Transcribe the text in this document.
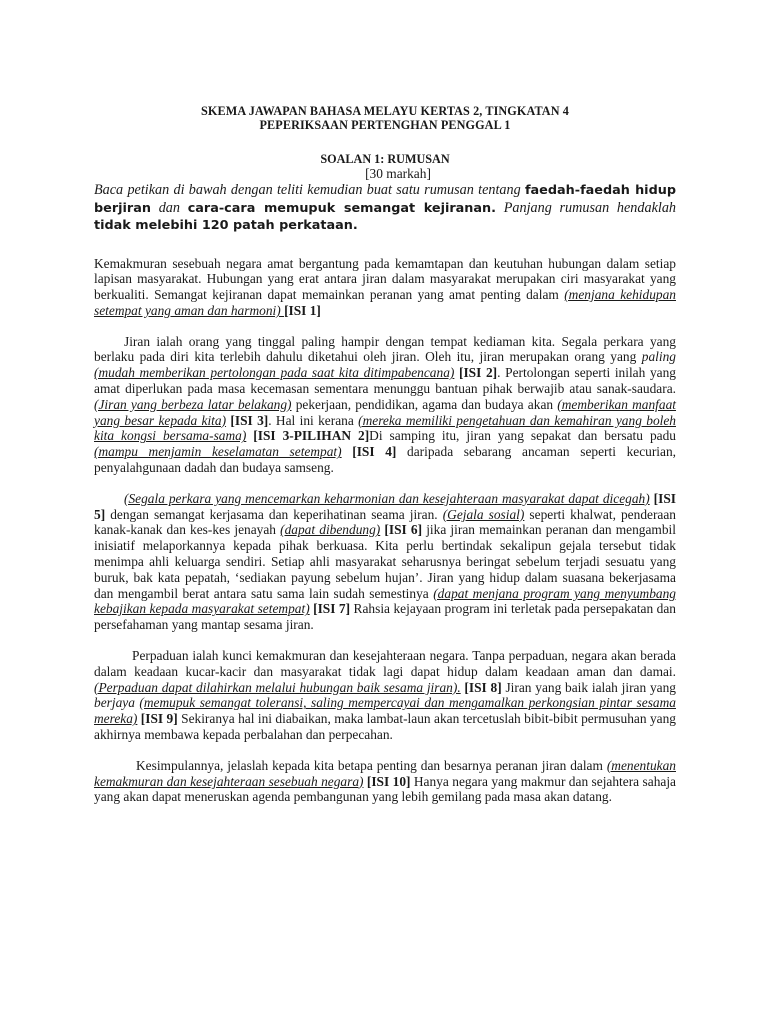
SKEMA JAWAPAN BAHASA MELAYU KERTAS 2, TINGKATAN 4
PEPERIKSAAN PERTENGHAN PENGGAL 1
SOALAN 1: RUMUSAN
[30 markah]

Baca petikan di bawah dengan teliti kemudian buat satu rumusan tentang faedah-faedah hidup berjiran dan cara-cara memupuk semangat kejiranan. Panjang rumusan hendaklah tidak melebihi 120 patah perkataan.

Kemakmuran sesebuah negara amat bergantung pada kemamtapan dan keutuhan hubungan dalam setiap lapisan masyarakat. Hubungan yang erat antara jiran dalam masyarakat merupakan ciri masyarakat yang berkualiti. Semangat kejiranan dapat memainkan peranan yang amat penting dalam (menjana kehidupan setempat yang aman dan harmoni) [ISI 1]

Jiran ialah orang yang tinggal paling hampir dengan tempat kediaman kita. Segala perkara yang berlaku pada diri kita terlebih dahulu diketahui oleh jiran. Oleh itu, jiran merupakan orang yang paling (mudah memberikan pertolongan pada saat kita ditimpabencana) [ISI 2]. Pertolongan seperti inilah yang amat diperlukan pada masa kecemasan sementara menunggu bantuan pihak berwajib atau sanak-saudara. (Jiran yang berbeza latar belakang) pekerjaan, pendidikan, agama dan budaya akan (memberikan manfaat yang besar kepada kita) [ISI 3]. Hal ini kerana (mereka memiliki pengetahuan dan kemahiran yang boleh kita kongsi bersama-sama) [ISI 3-PILIHAN 2]Di samping itu, jiran yang sepakat dan bersatu padu (mampu menjamin keselamatan setempat) [ISI 4] daripada sebarang ancaman seperti kecurian, penyalahgunaan dadah dan budaya samseng.

(Segala perkara yang mencemarkan keharmonian dan kesejahteraan masyarakat dapat dicegah) [ISI 5] dengan semangat kerjasama dan keperihatinan seama jiran. (Gejala sosial) seperti khalwat, penderaan kanak-kanak dan kes-kes jenayah (dapat dibendung) [ISI 6] jika jiran memainkan peranan dan mengambil inisiatif melaporkannya kepada pihak berkuasa. Kita perlu bertindak sekalipun gejala tersebut tidak menimpa ahli keluarga sendiri. Setiap ahli masyarakat seharusnya beringat sebelum terjadi sesuatu yang buruk, bak kata pepatah, ‘sediakan payung sebelum hujan’. Jiran yang hidup dalam suasana bekerjasama dan mengambil berat antara satu sama lain sudah semestinya (dapat menjana program yang menyumbang kebajikan kepada masyarakat setempat) [ISI 7] Rahsia kejayaan program ini terletak pada persepakatan dan persefahaman yang mantap sesama jiran.

Perpaduan ialah kunci kemakmuran dan kesejahteraan negara. Tanpa perpaduan, negara akan berada dalam keadaan kucar-kacir dan masyarakat tidak lagi dapat hidup dalam keadaan aman dan damai. (Perpaduan dapat dilahirkan melalui hubungan baik sesama jiran). [ISI 8] Jiran yang baik ialah jiran yang berjaya (memupuk semangat toleransi, saling mempercayai dan mengamalkan perkongsian pintar sesama mereka) [ISI 9] Sekiranya hal ini diabaikan, maka lambat-laun akan tercetuslah bibit-bibit permusuhan yang akhirnya membawa kepada perbalahan dan perpecahan.

Kesimpulannya, jelaslah kepada kita betapa penting dan besarnya peranan jiran dalam (menentukan kemakmuran dan kesejahteraan sesebuah negara) [ISI 10] Hanya negara yang makmur dan sejahtera sahaja yang akan dapat meneruskan agenda pembangunan yang lebih gemilang pada masa akan datang.
